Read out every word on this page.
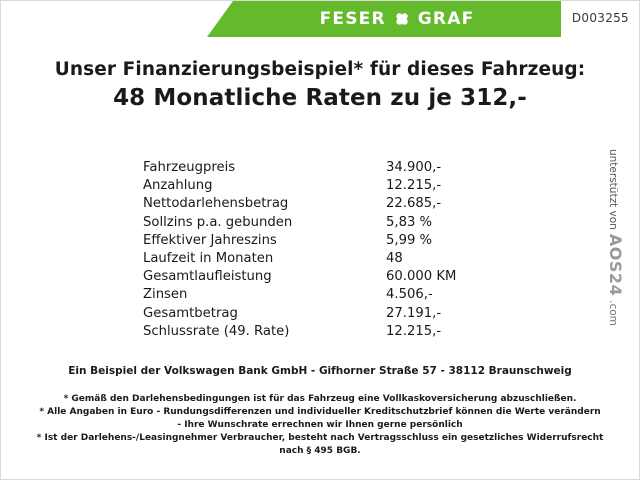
FESER GRAF	D003255
Unser Finanzierungsbeispiel* für dieses Fahrzeug:
48 Monatliche Raten zu je 312,-
Fahrzeugpreis	34.900,-
Anzahlung	12.215,-
Nettodarlehensbetrag	22.685,-
Sollzins p.a. gebunden	5,83 %
Effektiver Jahreszins	5,99 %
Laufzeit in Monaten	48
Gesamtlaufleistung	60.000 KM
Zinsen	4.506,-
Gesamtbetrag	27.191,-
Schlussrate (49. Rate)	12.215,-
Ein Beispiel der Volkswagen Bank GmbH - Gifhorner Straße 57 - 38112 Braunschweig
* Gemäß den Darlehensbedingungen ist für das Fahrzeug eine Vollkaskoversicherung abzuschließen.
* Alle Angaben in Euro - Rundungsdifferenzen und individueller Kreditschutzbrief können die Werte verändern
- Ihre Wunschrate errechnen wir Ihnen gerne persönlich
* Ist der Darlehens-/Leasingnehmer Verbraucher, besteht nach Vertragsschluss ein gesetzliches Widerrufsrecht
nach § 495 BGB.
unterstützt von
AOS24
.com
